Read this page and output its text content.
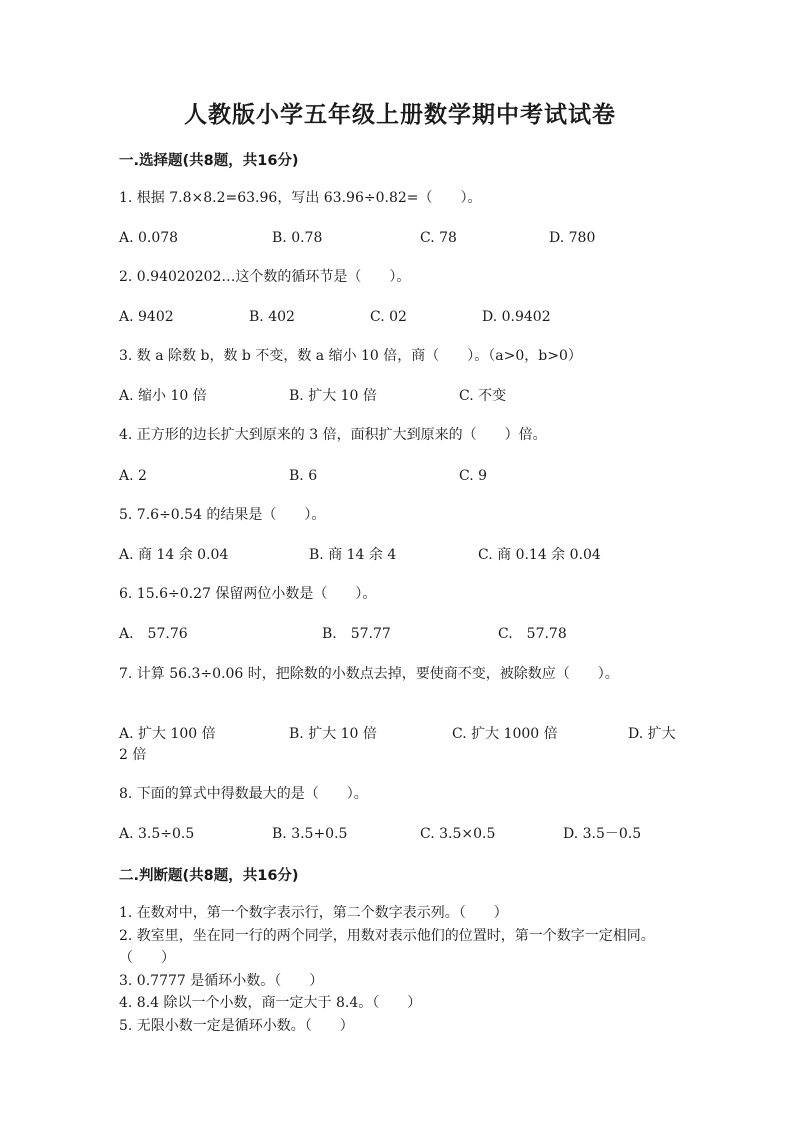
人教版小学五年级上册数学期中考试试卷
一.选择题(共8题，共16分)
1. 根据 7.8×8.2=63.96，写出 63.96÷0.82=（　　）。
A. 0.078	B. 0.78	C. 78	D. 780
2. 0.94020202…这个数的循环节是（　　）。
A. 9402	B. 402	C. 02	D. 0.9402
3. 数 a 除数 b，数 b 不变，数 a 缩小 10 倍，商（　　）。（a>0，b>0）
A. 缩小 10 倍	B. 扩大 10 倍	C. 不变
4. 正方形的边长扩大到原来的 3 倍，面积扩大到原来的（　　）倍。
A. 2	B. 6	C. 9
5. 7.6÷0.54 的结果是（　　）。
A. 商 14 余 0.04	B. 商 14 余 4	C. 商 0.14 余 0.04
6. 15.6÷0.27 保留两位小数是（　　）。
A.　57.76	B.　57.77	C.　57.78
7. 计算 56.3÷0.06 时，把除数的小数点去掉，要使商不变，被除数应（　　）。
A. 扩大 100 倍	B. 扩大 10 倍	C. 扩大 1000 倍	D. 扩大
2 倍
8. 下面的算式中得数最大的是（　　）。
A. 3.5÷0.5	B. 3.5+0.5	C. 3.5×0.5	D. 3.5－0.5
二.判断题(共8题，共16分)
1. 在数对中，第一个数字表示行，第二个数字表示列。（　　）
2. 教室里，坐在同一行的两个同学，用数对表示他们的位置时，第一个数字一定相同。（　　）
3. 0.7777 是循环小数。（　　）
4. 8.4 除以一个小数，商一定大于 8.4。（　　）
5. 无限小数一定是循环小数。（　　）
